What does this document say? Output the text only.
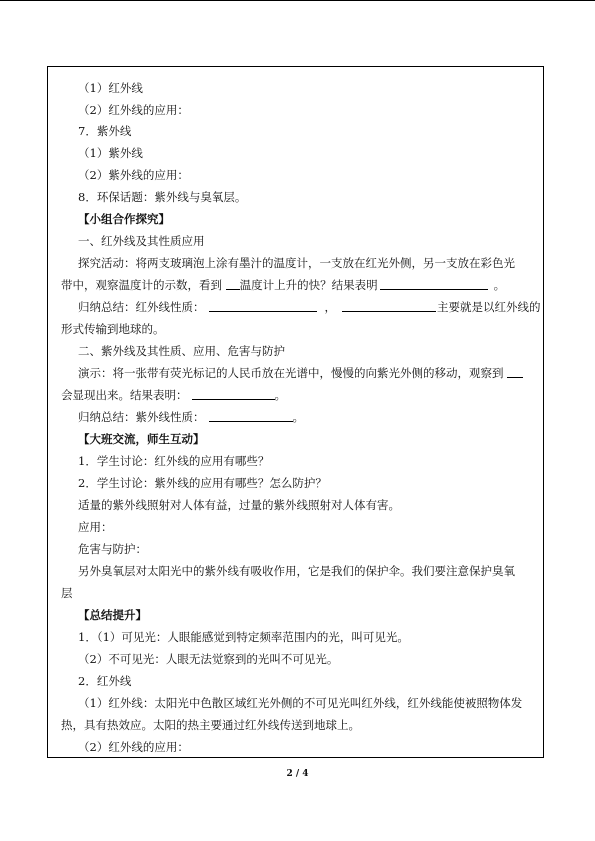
（1）红外线
（2）红外线的应用：
7．紫外线
（1）紫外线
（2）紫外线的应用：
8．环保话题：紫外线与臭氧层。
【小组合作探究】
一、红外线及其性质应用
探究活动：将两支玻璃泡上涂有墨汁的温度计，一支放在红光外侧，另一支放在彩色光
带中，观察温度计的示数，看到 温度计上升的快？结果表明	。
归纳总结：红外线性质：	，	主要就是以红外线的
形式传输到地球的。
二、紫外线及其性质、应用、危害与防护
演示：将一张带有荧光标记的人民币放在光谱中，慢慢的向紫光外侧的移动，观察到
会显现出来。结果表明：	。
归纳总结：紫外线性质：	。
【大班交流，师生互动】
1．学生讨论：红外线的应用有哪些？
2．学生讨论：紫外线的应用有哪些？怎么防护？
适量的紫外线照射对人体有益，过量的紫外线照射对人体有害。
应用：
危害与防护：
另外臭氧层对太阳光中的紫外线有吸收作用，它是我们的保护伞。我们要注意保护臭氧
层
【总结提升】
1．（1）可见光：人眼能感觉到特定频率范围内的光，叫可见光。
（2）不可见光：人眼无法觉察到的光叫不可见光。
2．红外线
（1）红外线：太阳光中色散区域红光外侧的不可见光叫红外线，红外线能使被照物体发
热，具有热效应。太阳的热主要通过红外线传送到地球上。
（2）红外线的应用：
2 / 4
